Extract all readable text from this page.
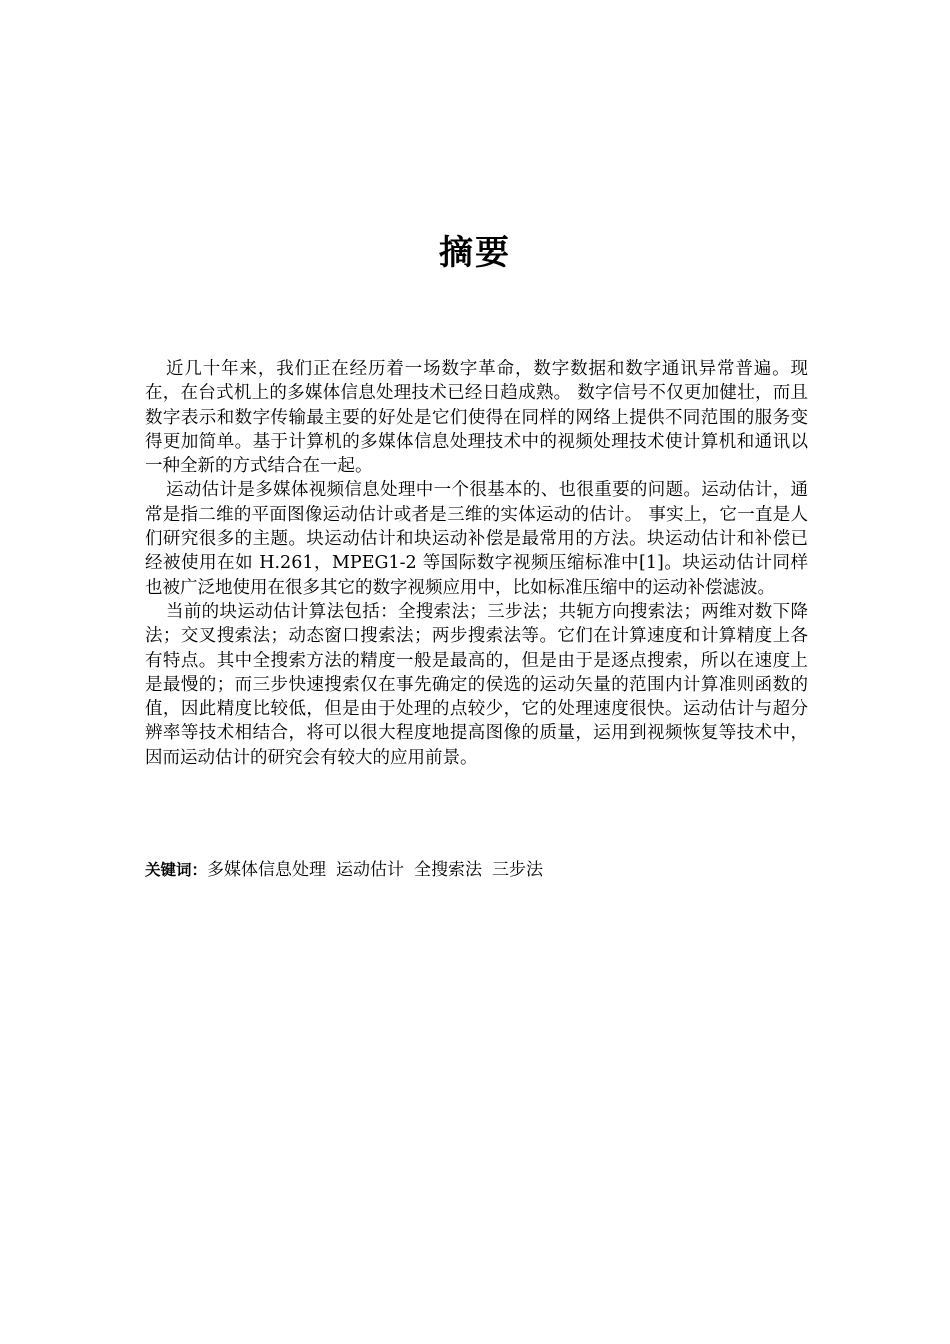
摘要

近几十年来，我们正在经历着一场数字革命，数字数据和数字通讯异常普遍。现在，在台式机上的多媒体信息处理技术已经日趋成熟。 数字信号不仅更加健壮，而且数字表示和数字传输最主要的好处是它们使得在同样的网络上提供不同范围的服务变得更加简单。基于计算机的多媒体信息处理技术中的视频处理技术使计算机和通讯以一种全新的方式结合在一起。

运动估计是多媒体视频信息处理中一个很基本的、也很重要的问题。运动估计，通常是指二维的平面图像运动估计或者是三维的实体运动的估计。 事实上，它一直是人们研究很多的主题。块运动估计和块运动补偿是最常用的方法。块运动估计和补偿已经被使用在如 H.261，MPEG1-2 等国际数字视频压缩标准中[1]。块运动估计同样也被广泛地使用在很多其它的数字视频应用中，比如标准压缩中的运动补偿滤波。

当前的块运动估计算法包括：全搜索法；三步法；共轭方向搜索法；两维对数下降法；交叉搜索法；动态窗口搜索法；两步搜索法等。它们在计算速度和计算精度上各有特点。其中全搜索方法的精度一般是最高的，但是由于是逐点搜索，所以在速度上是最慢的；而三步快速搜索仅在事先确定的侯选的运动矢量的范围内计算准则函数的值，因此精度比较低，但是由于处理的点较少，它的处理速度很快。运动估计与超分辨率等技术相结合，将可以很大程度地提高图像的质量，运用到视频恢复等技术中，因而运动估计的研究会有较大的应用前景。

关键词：多媒体信息处理 运动估计 全搜索法 三步法
